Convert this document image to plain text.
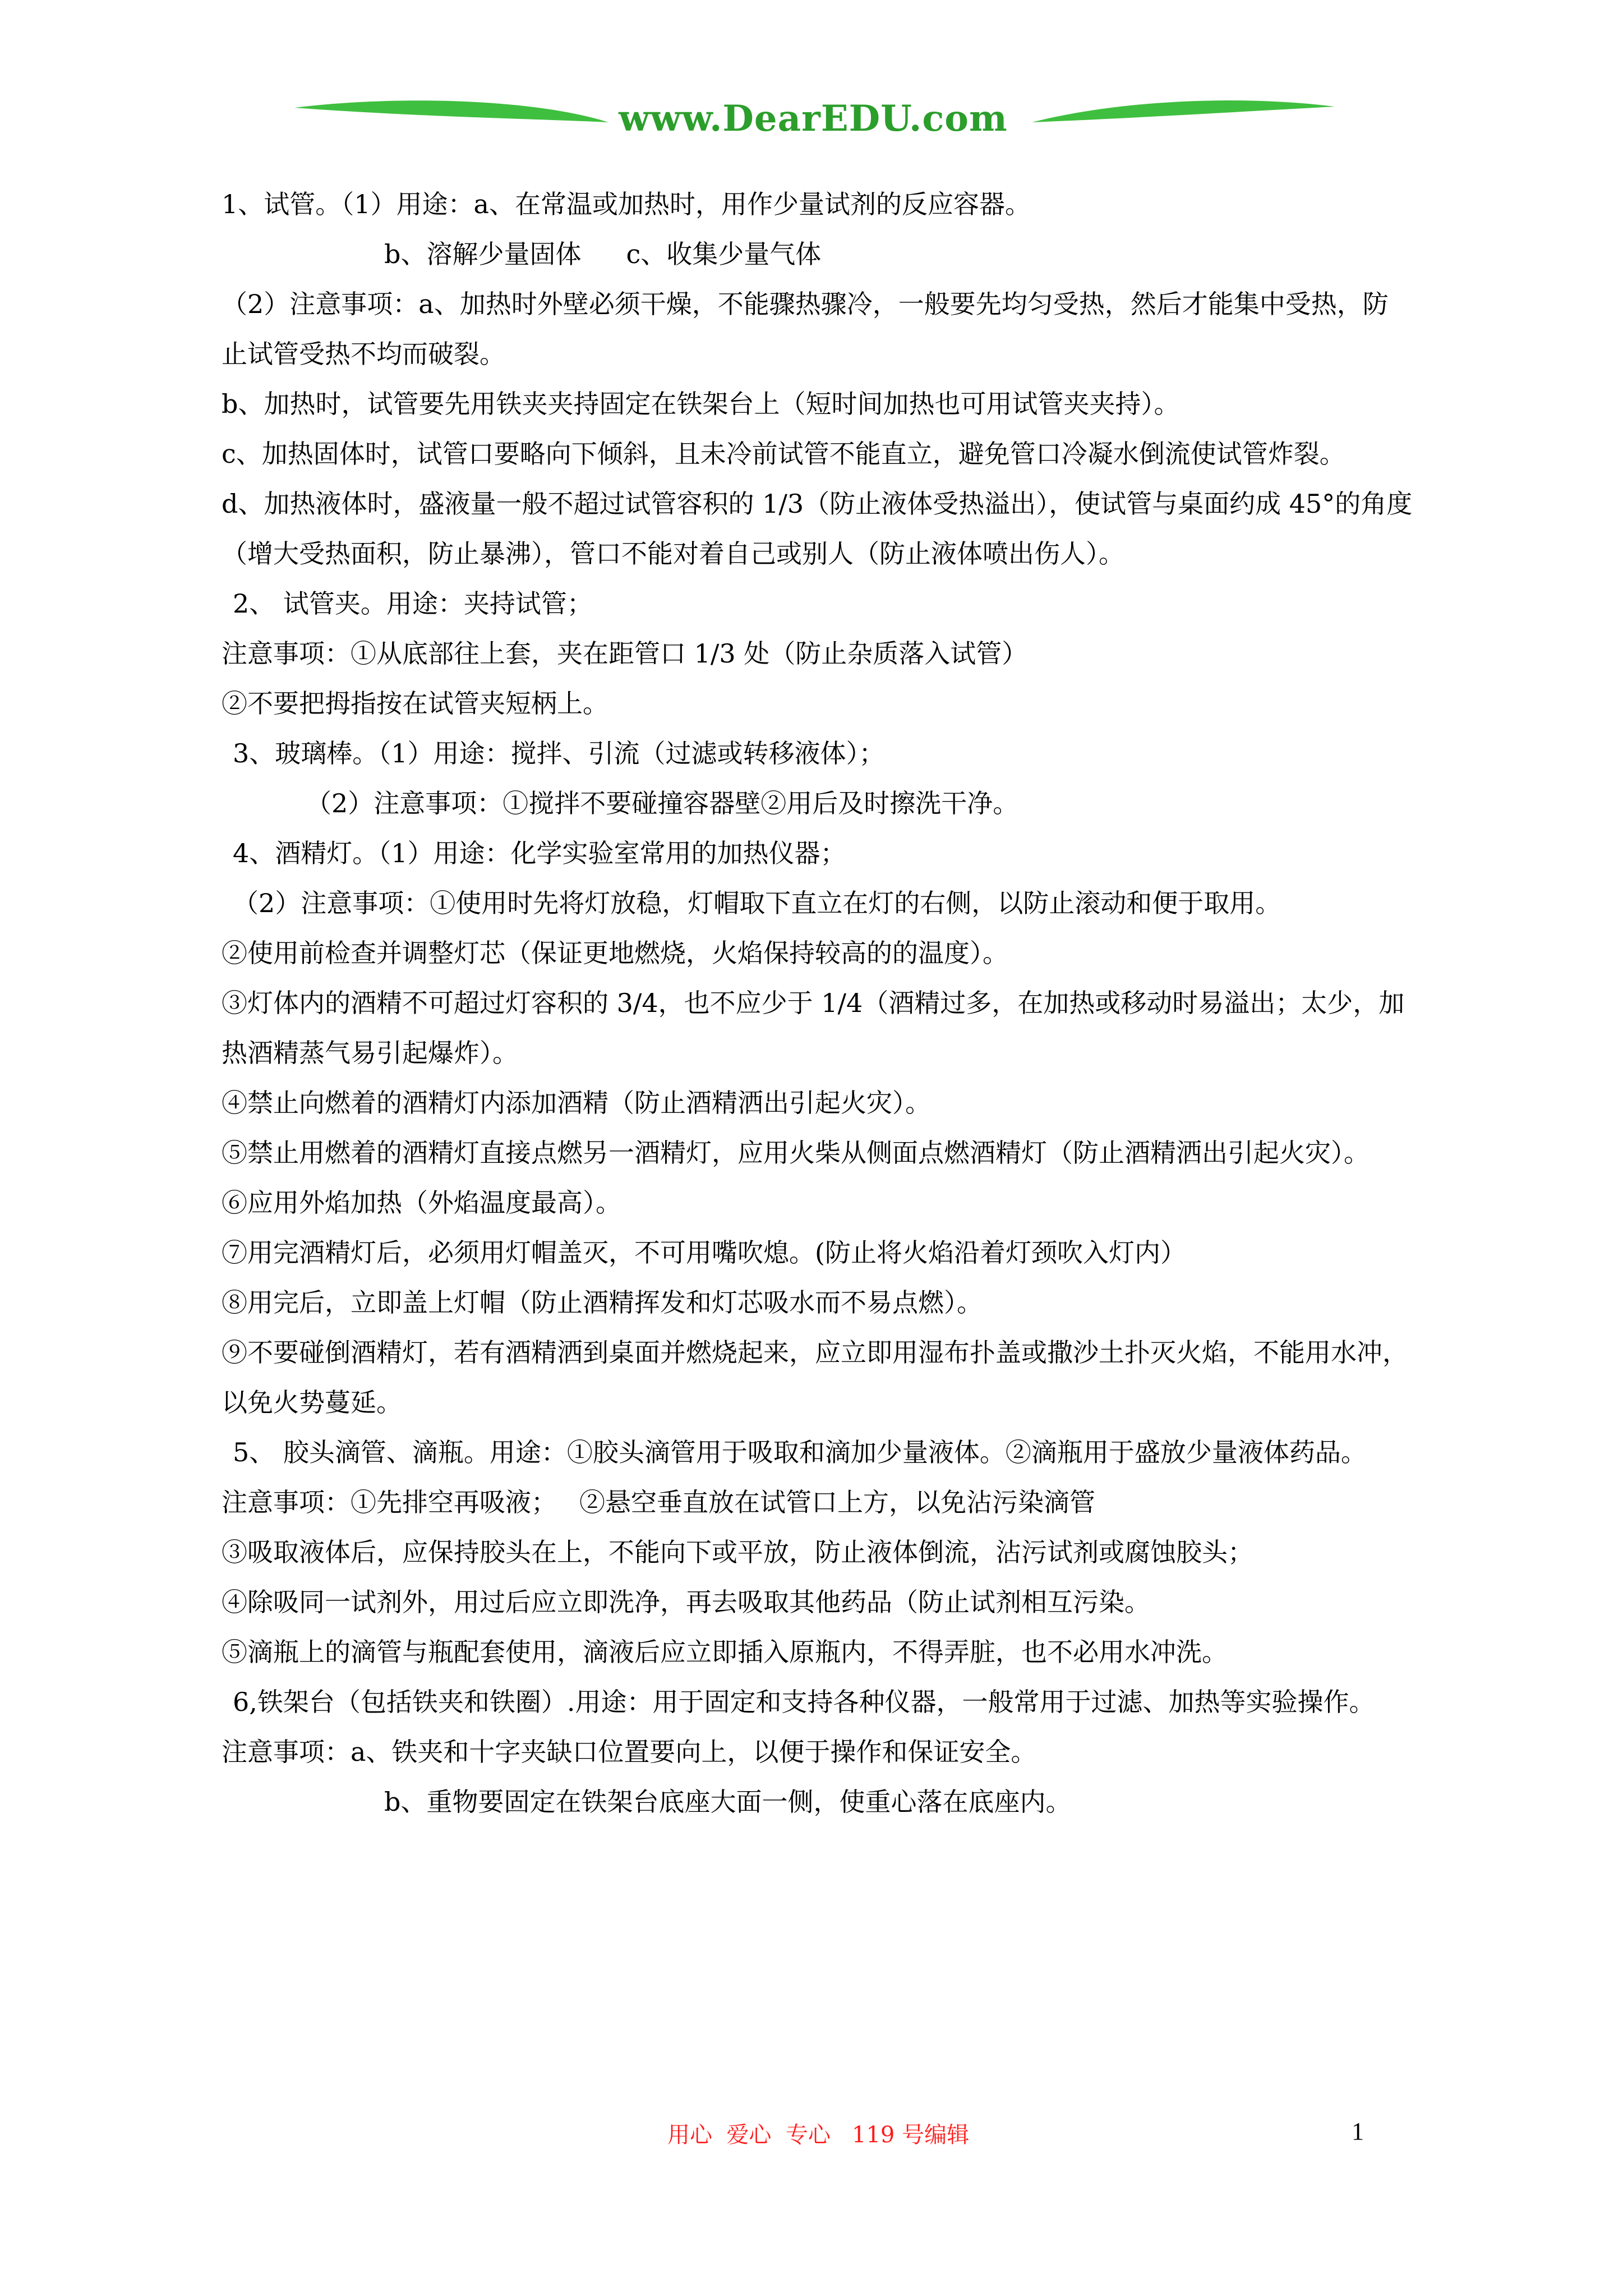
www.DearEDU.com

1、试管。（1）用途：a、在常温或加热时，用作少量试剂的反应容器。

b、溶解少量固体 c、收集少量气体

（2）注意事项：a、加热时外壁必须干燥，不能骤热骤冷，一般要先均匀受热，然后才能集中受热，防止试管受热不均而破裂。

b、加热时，试管要先用铁夹夹持固定在铁架台上（短时间加热也可用试管夹夹持）。

c、加热固体时，试管口要略向下倾斜，且未冷前试管不能直立，避免管口冷凝水倒流使试管炸裂。

d、加热液体时，盛液量一般不超过试管容积的 1/3（防止液体受热溢出），使试管与桌面约成 45°的角度（增大受热面积，防止暴沸），管口不能对着自己或别人（防止液体喷出伤人）。

2、 试管夹。用途：夹持试管；

注意事项：①从底部往上套，夹在距管口 1/3 处（防止杂质落入试管）

②不要把拇指按在试管夹短柄上。

3、玻璃棒。（1）用途：搅拌、引流（过滤或转移液体）；

（2）注意事项：①搅拌不要碰撞容器壁②用后及时擦洗干净。

4、酒精灯。（1）用途：化学实验室常用的加热仪器；

（2）注意事项：①使用时先将灯放稳，灯帽取下直立在灯的右侧，以防止滚动和便于取用。

②使用前检查并调整灯芯（保证更地燃烧，火焰保持较高的的温度）。

③灯体内的酒精不可超过灯容积的 3/4，也不应少于 1/4（酒精过多，在加热或移动时易溢出；太少，加热酒精蒸气易引起爆炸）。

④禁止向燃着的酒精灯内添加酒精（防止酒精洒出引起火灾）。

⑤禁止用燃着的酒精灯直接点燃另一酒精灯，应用火柴从侧面点燃酒精灯（防止酒精洒出引起火灾）。

⑥应用外焰加热（外焰温度最高）。

⑦用完酒精灯后，必须用灯帽盖灭，不可用嘴吹熄。(防止将火焰沿着灯颈吹入灯内）

⑧用完后，立即盖上灯帽（防止酒精挥发和灯芯吸水而不易点燃）。

⑨不要碰倒酒精灯，若有酒精洒到桌面并燃烧起来，应立即用湿布扑盖或撒沙土扑灭火焰，不能用水冲，以免火势蔓延。

5、 胶头滴管、滴瓶。用途：①胶头滴管用于吸取和滴加少量液体。②滴瓶用于盛放少量液体药品。

注意事项：①先排空再吸液； ②悬空垂直放在试管口上方，以免沾污染滴管

③吸取液体后，应保持胶头在上，不能向下或平放，防止液体倒流，沾污试剂或腐蚀胶头；

④除吸同一试剂外，用过后应立即洗净，再去吸取其他药品（防止试剂相互污染。

⑤滴瓶上的滴管与瓶配套使用，滴液后应立即插入原瓶内，不得弄脏，也不必用水冲洗。

6,铁架台（包括铁夹和铁圈）.用途：用于固定和支持各种仪器，一般常用于过滤、加热等实验操作。

注意事项：a、铁夹和十字夹缺口位置要向上，以便于操作和保证安全。

b、重物要固定在铁架台底座大面一侧，使重心落在底座内。

用心  爱心  专心   119 号编辑	1
